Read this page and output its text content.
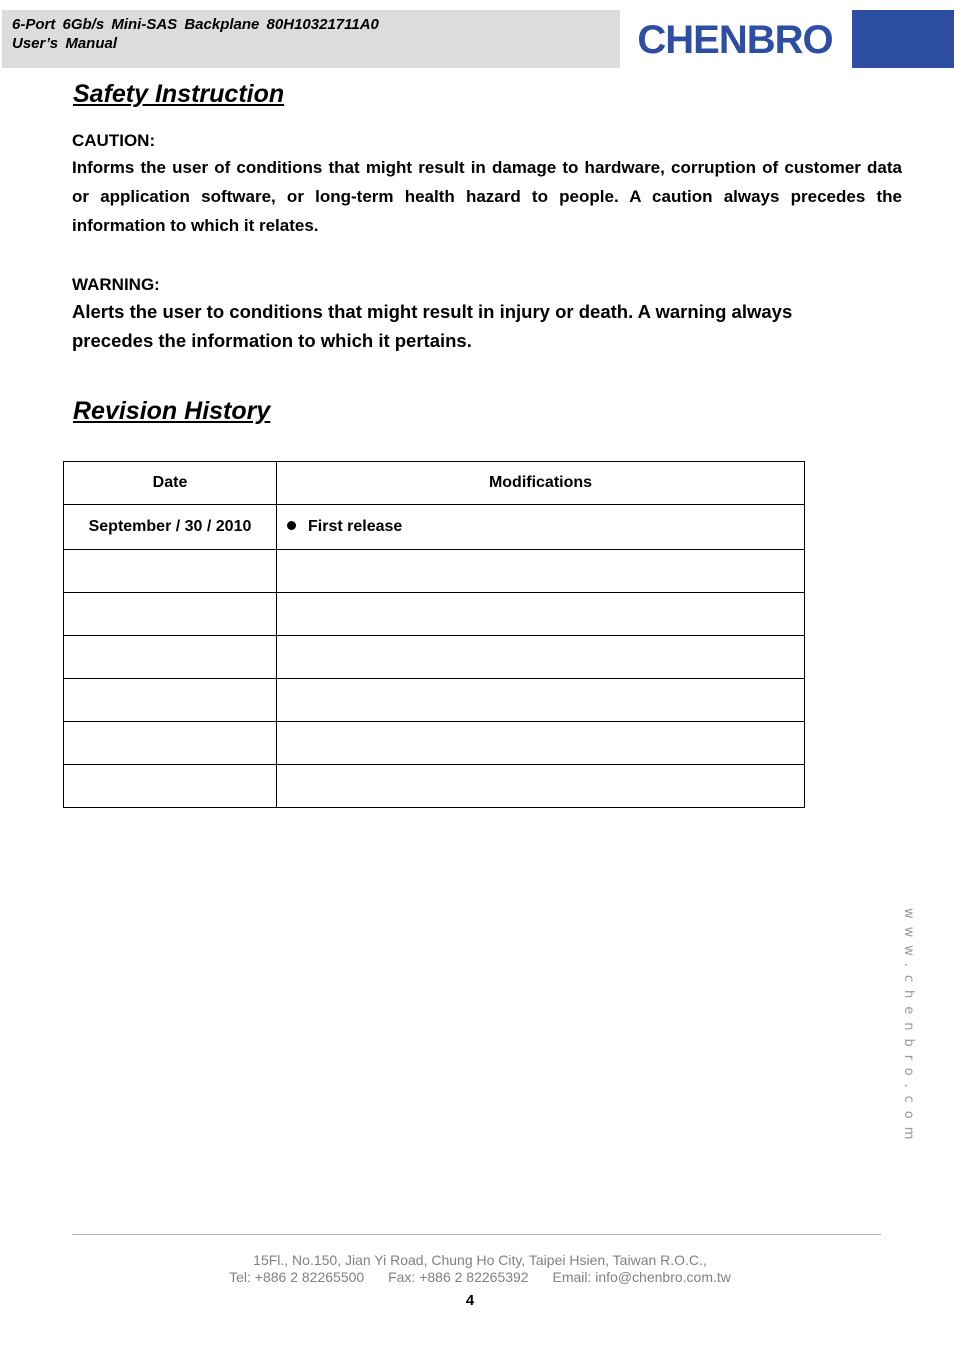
6-Port 6Gb/s Mini-SAS Backplane 80H10321711A0
User’s Manual	CHENBRO
Safety Instruction
CAUTION:
Informs the user of conditions that might result in damage to hardware, corruption of customer data or application software, or long-term health hazard to people. A caution always precedes the information to which it relates.
WARNING:
Alerts the user to conditions that might result in injury or death. A warning always
precedes the information to which it pertains.
Revision History
Date	Modifications
September / 30 / 2010	First release

www.chenbro.com
15Fl., No.150, Jian Yi Road, Chung Ho City, Taipei Hsien, Taiwan R.O.C.,
Tel: +886 2 82265500 Fax: +886 2 82265392 Email: info@chenbro.com.tw
4
